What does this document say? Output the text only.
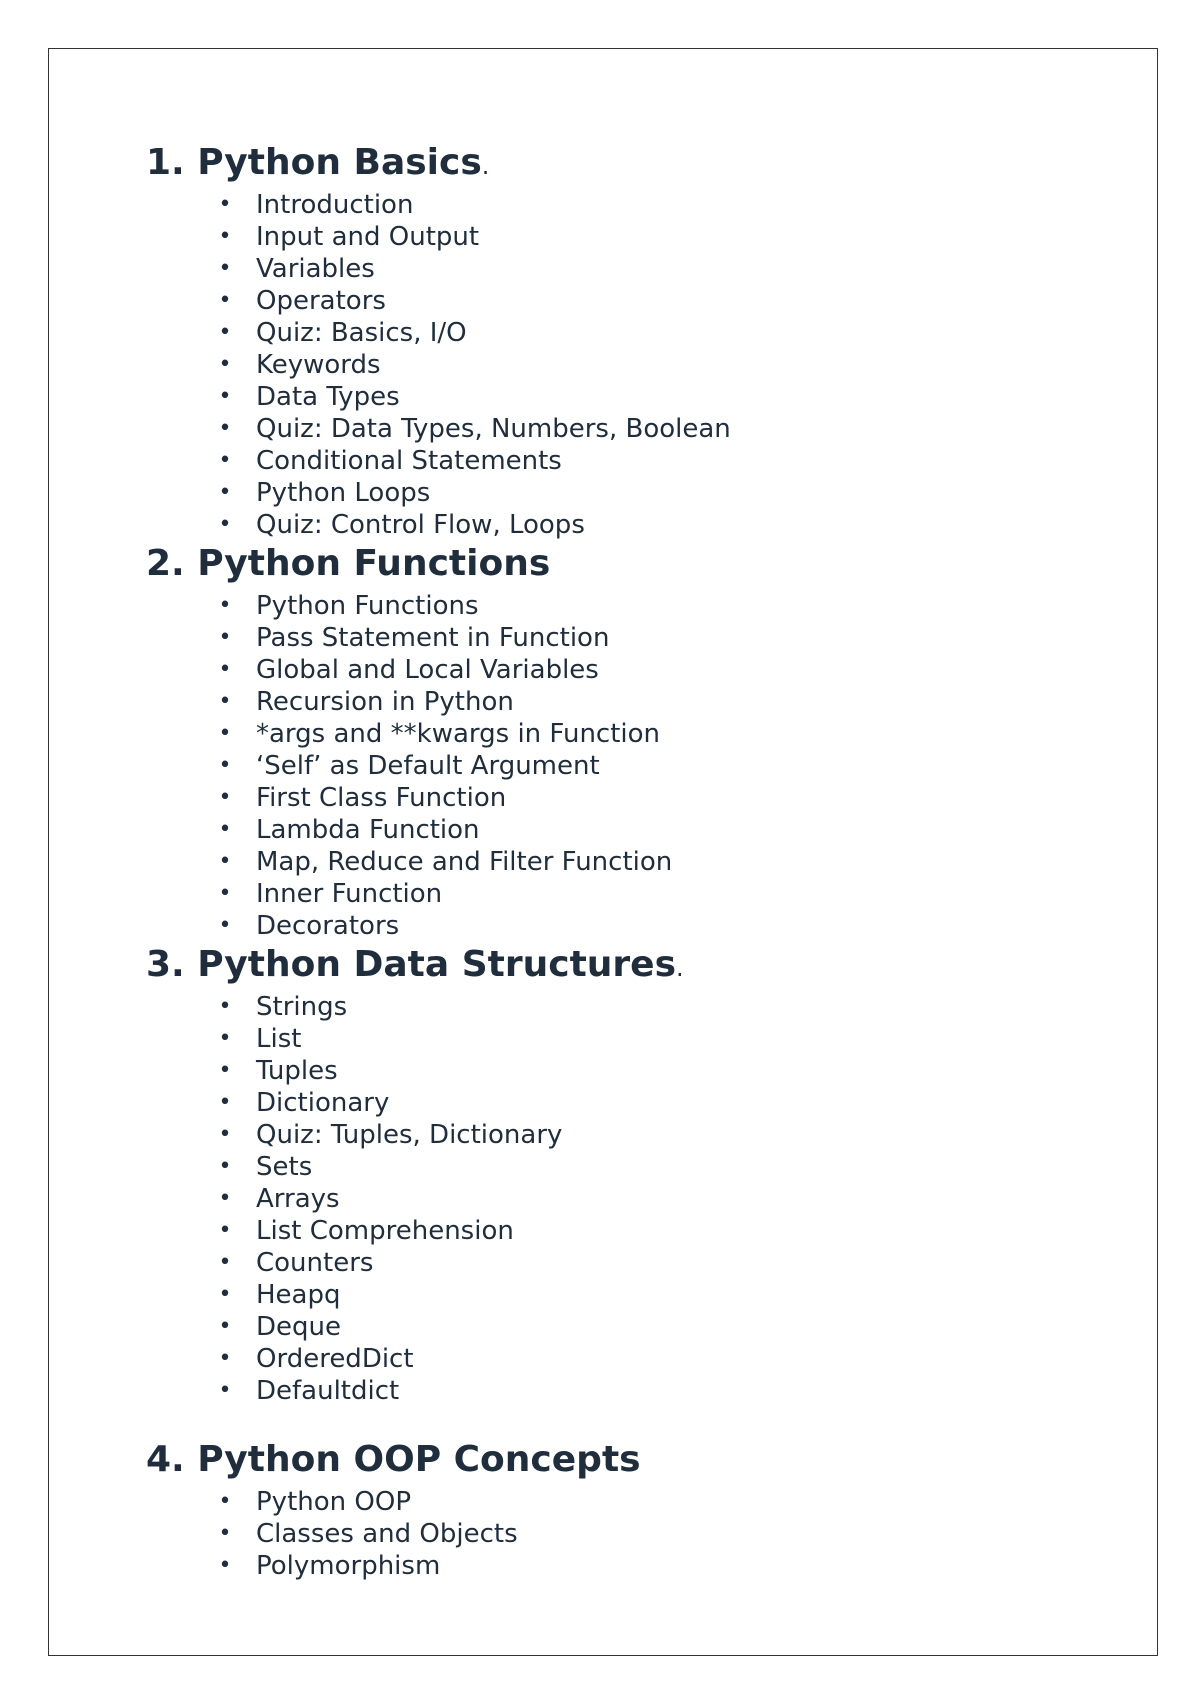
1. Python Basics.
• Introduction
• Input and Output
• Variables
• Operators
• Quiz: Basics, I/O
• Keywords
• Data Types
• Quiz: Data Types, Numbers, Boolean
• Conditional Statements
• Python Loops
• Quiz: Control Flow, Loops
2. Python Functions
• Python Functions
• Pass Statement in Function
• Global and Local Variables
• Recursion in Python
• *args and **kwargs in Function
• ‘Self’ as Default Argument
• First Class Function
• Lambda Function
• Map, Reduce and Filter Function
• Inner Function
• Decorators
3. Python Data Structures.
• Strings
• List
• Tuples
• Dictionary
• Quiz: Tuples, Dictionary
• Sets
• Arrays
• List Comprehension
• Counters
• Heapq
• Deque
• OrderedDict
• Defaultdict
4. Python OOP Concepts
• Python OOP
• Classes and Objects
• Polymorphism
